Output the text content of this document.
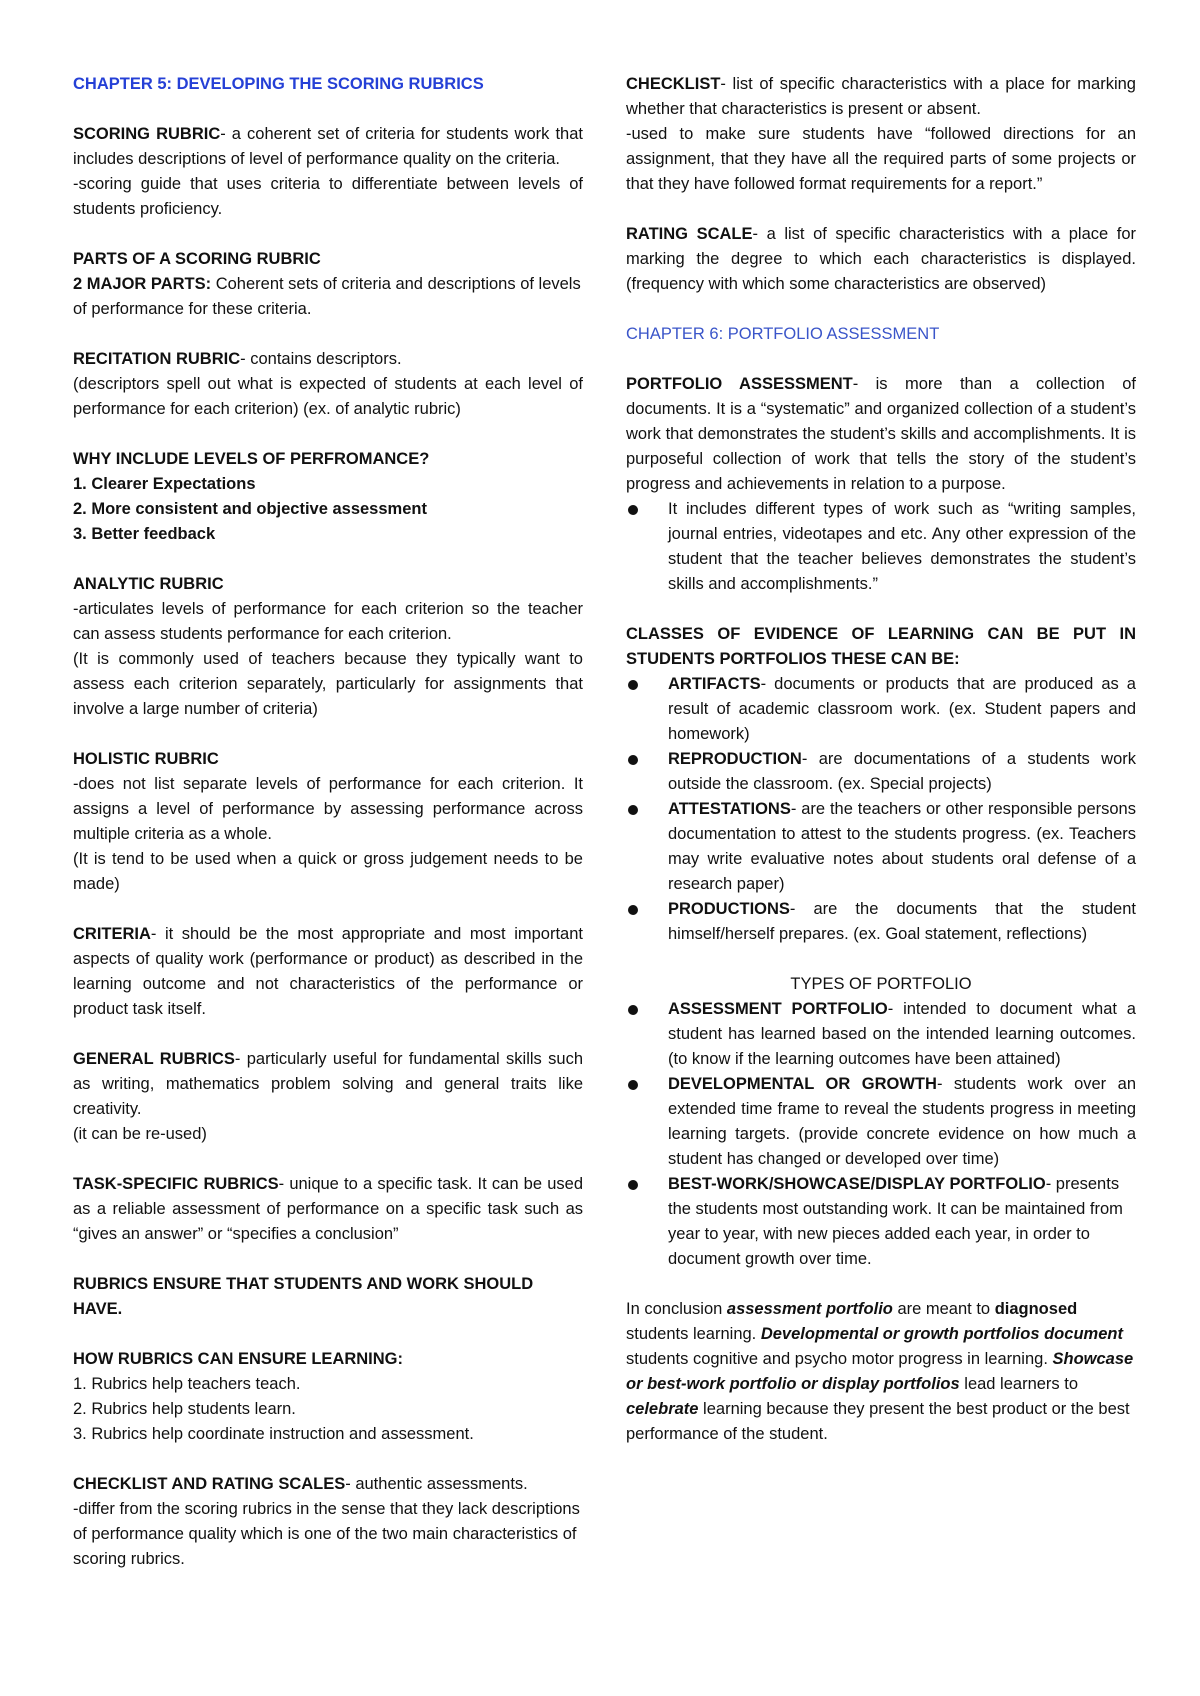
CHAPTER 5: DEVELOPING THE SCORING RUBRICS

SCORING RUBRIC- a coherent set of criteria for students work that includes descriptions of level of performance quality on the criteria.

-scoring guide that uses criteria to differentiate between levels of students proficiency.

PARTS OF A SCORING RUBRIC

2 MAJOR PARTS: Coherent sets of criteria and descriptions of levels of performance for these criteria.

RECITATION RUBRIC- contains descriptors.

(descriptors spell out what is expected of students at each level of performance for each criterion) (ex. of analytic rubric)

WHY INCLUDE LEVELS OF PERFROMANCE?

1. Clearer Expectations

2. More consistent and objective assessment

3. Better feedback

ANALYTIC RUBRIC

-articulates levels of performance for each criterion so the teacher can assess students performance for each criterion.

(It is commonly used of teachers because they typically want to assess each criterion separately, particularly for assignments that involve a large number of criteria)

HOLISTIC RUBRIC

-does not list separate levels of performance for each criterion. It assigns a level of performance by assessing performance across multiple criteria as a whole.

(It is tend to be used when a quick or gross judgement needs to be made)

CRITERIA- it should be the most appropriate and most important aspects of quality work (performance or product) as described in the learning outcome and not characteristics of the performance or product task itself.

GENERAL RUBRICS- particularly useful for fundamental skills such as writing, mathematics problem solving and general traits like creativity.

(it can be re-used)

TASK-SPECIFIC RUBRICS- unique to a specific task. It can be used as a reliable assessment of performance on a specific task such as “gives an answer” or “specifies a conclusion”

RUBRICS ENSURE THAT STUDENTS AND WORK SHOULD HAVE.

HOW RUBRICS CAN ENSURE LEARNING:

1. Rubrics help teachers teach.

2. Rubrics help students learn.

3. Rubrics help coordinate instruction and assessment.

CHECKLIST AND RATING SCALES- authentic assessments.

-differ from the scoring rubrics in the sense that they lack descriptions of performance quality which is one of the two main characteristics of scoring rubrics.

CHECKLIST- list of specific characteristics with a place for marking whether that characteristics is present or absent.

-used to make sure students have “followed directions for an assignment, that they have all the required parts of some projects or that they have followed format requirements for a report.”

RATING SCALE- a list of specific characteristics with a place for marking the degree to which each characteristics is displayed. (frequency with which some characteristics are observed)

CHAPTER 6: PORTFOLIO ASSESSMENT

PORTFOLIO ASSESSMENT- is more than a collection of documents. It is a “systematic” and organized collection of a student’s work that demonstrates the student’s skills and accomplishments. It is purposeful collection of work that tells the story of the student’s progress and achievements in relation to a purpose.

It includes different types of work such as “writing samples, journal entries, videotapes and etc. Any other expression of the student that the teacher believes demonstrates the student’s skills and accomplishments.”

CLASSES OF EVIDENCE OF LEARNING CAN BE PUT IN STUDENTS PORTFOLIOS THESE CAN BE:

ARTIFACTS- documents or products that are produced as a result of academic classroom work. (ex. Student papers and homework)
REPRODUCTION- are documentations of a students work outside the classroom. (ex. Special projects)
ATTESTATIONS- are the teachers or other responsible persons documentation to attest to the students progress. (ex. Teachers may write evaluative notes about students oral defense of a research paper)
PRODUCTIONS- are the documents that the student himself/herself prepares. (ex. Goal statement, reflections)

TYPES OF PORTFOLIO

ASSESSMENT PORTFOLIO- intended to document what a student has learned based on the intended learning outcomes. (to know if the learning outcomes have been attained)
DEVELOPMENTAL OR GROWTH- students work over an extended time frame to reveal the students progress in meeting learning targets. (provide concrete evidence on how much a student has changed or developed over time)
BEST-WORK/SHOWCASE/DISPLAY PORTFOLIO- presents the students most outstanding work. It can be maintained from year to year, with new pieces added each year, in order to document growth over time.

In conclusion assessment portfolio are meant to diagnosed students learning. Developmental or growth portfolios document students cognitive and psycho motor progress in learning. Showcase or best-work portfolio or display portfolios lead learners to celebrate learning because they present the best product or the best performance of the student.
